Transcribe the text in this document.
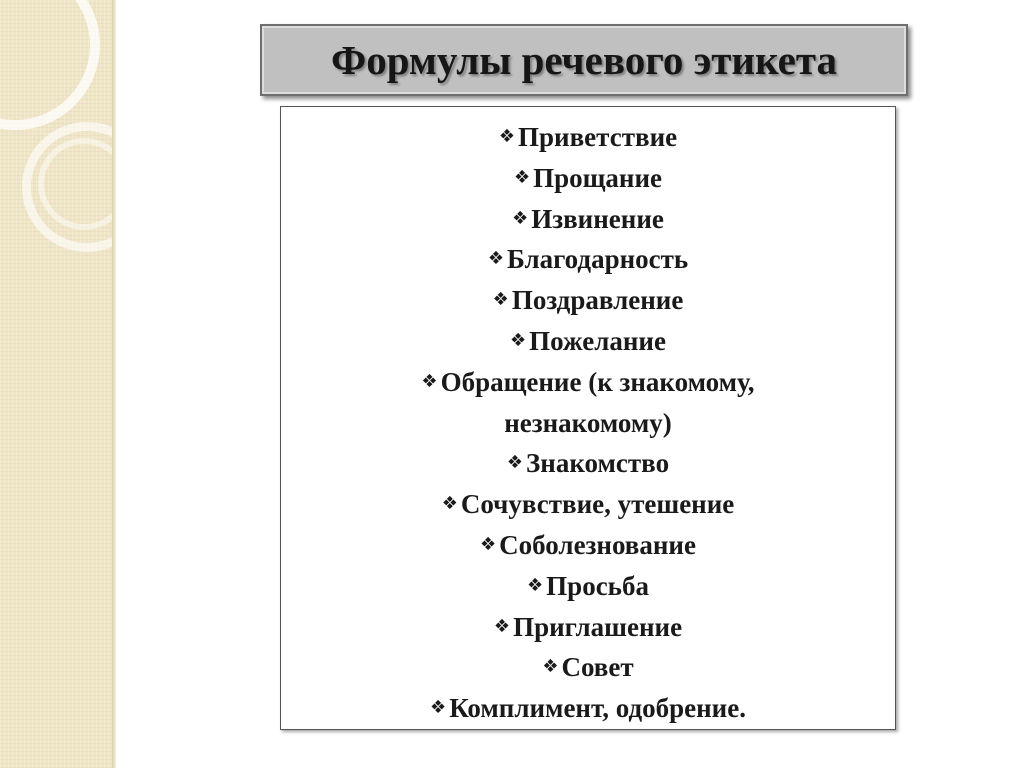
Формулы речевого этикета
❖ Приветствие
❖ Прощание
❖ Извинение
❖ Благодарность
❖ Поздравление
❖ Пожелание
❖ Обращение (к знакомому,
незнакомому)
❖ Знакомство
❖ Сочувствие, утешение
❖ Соболезнование
❖ Просьба
❖ Приглашение
❖ Совет
❖ Комплимент, одобрение.
